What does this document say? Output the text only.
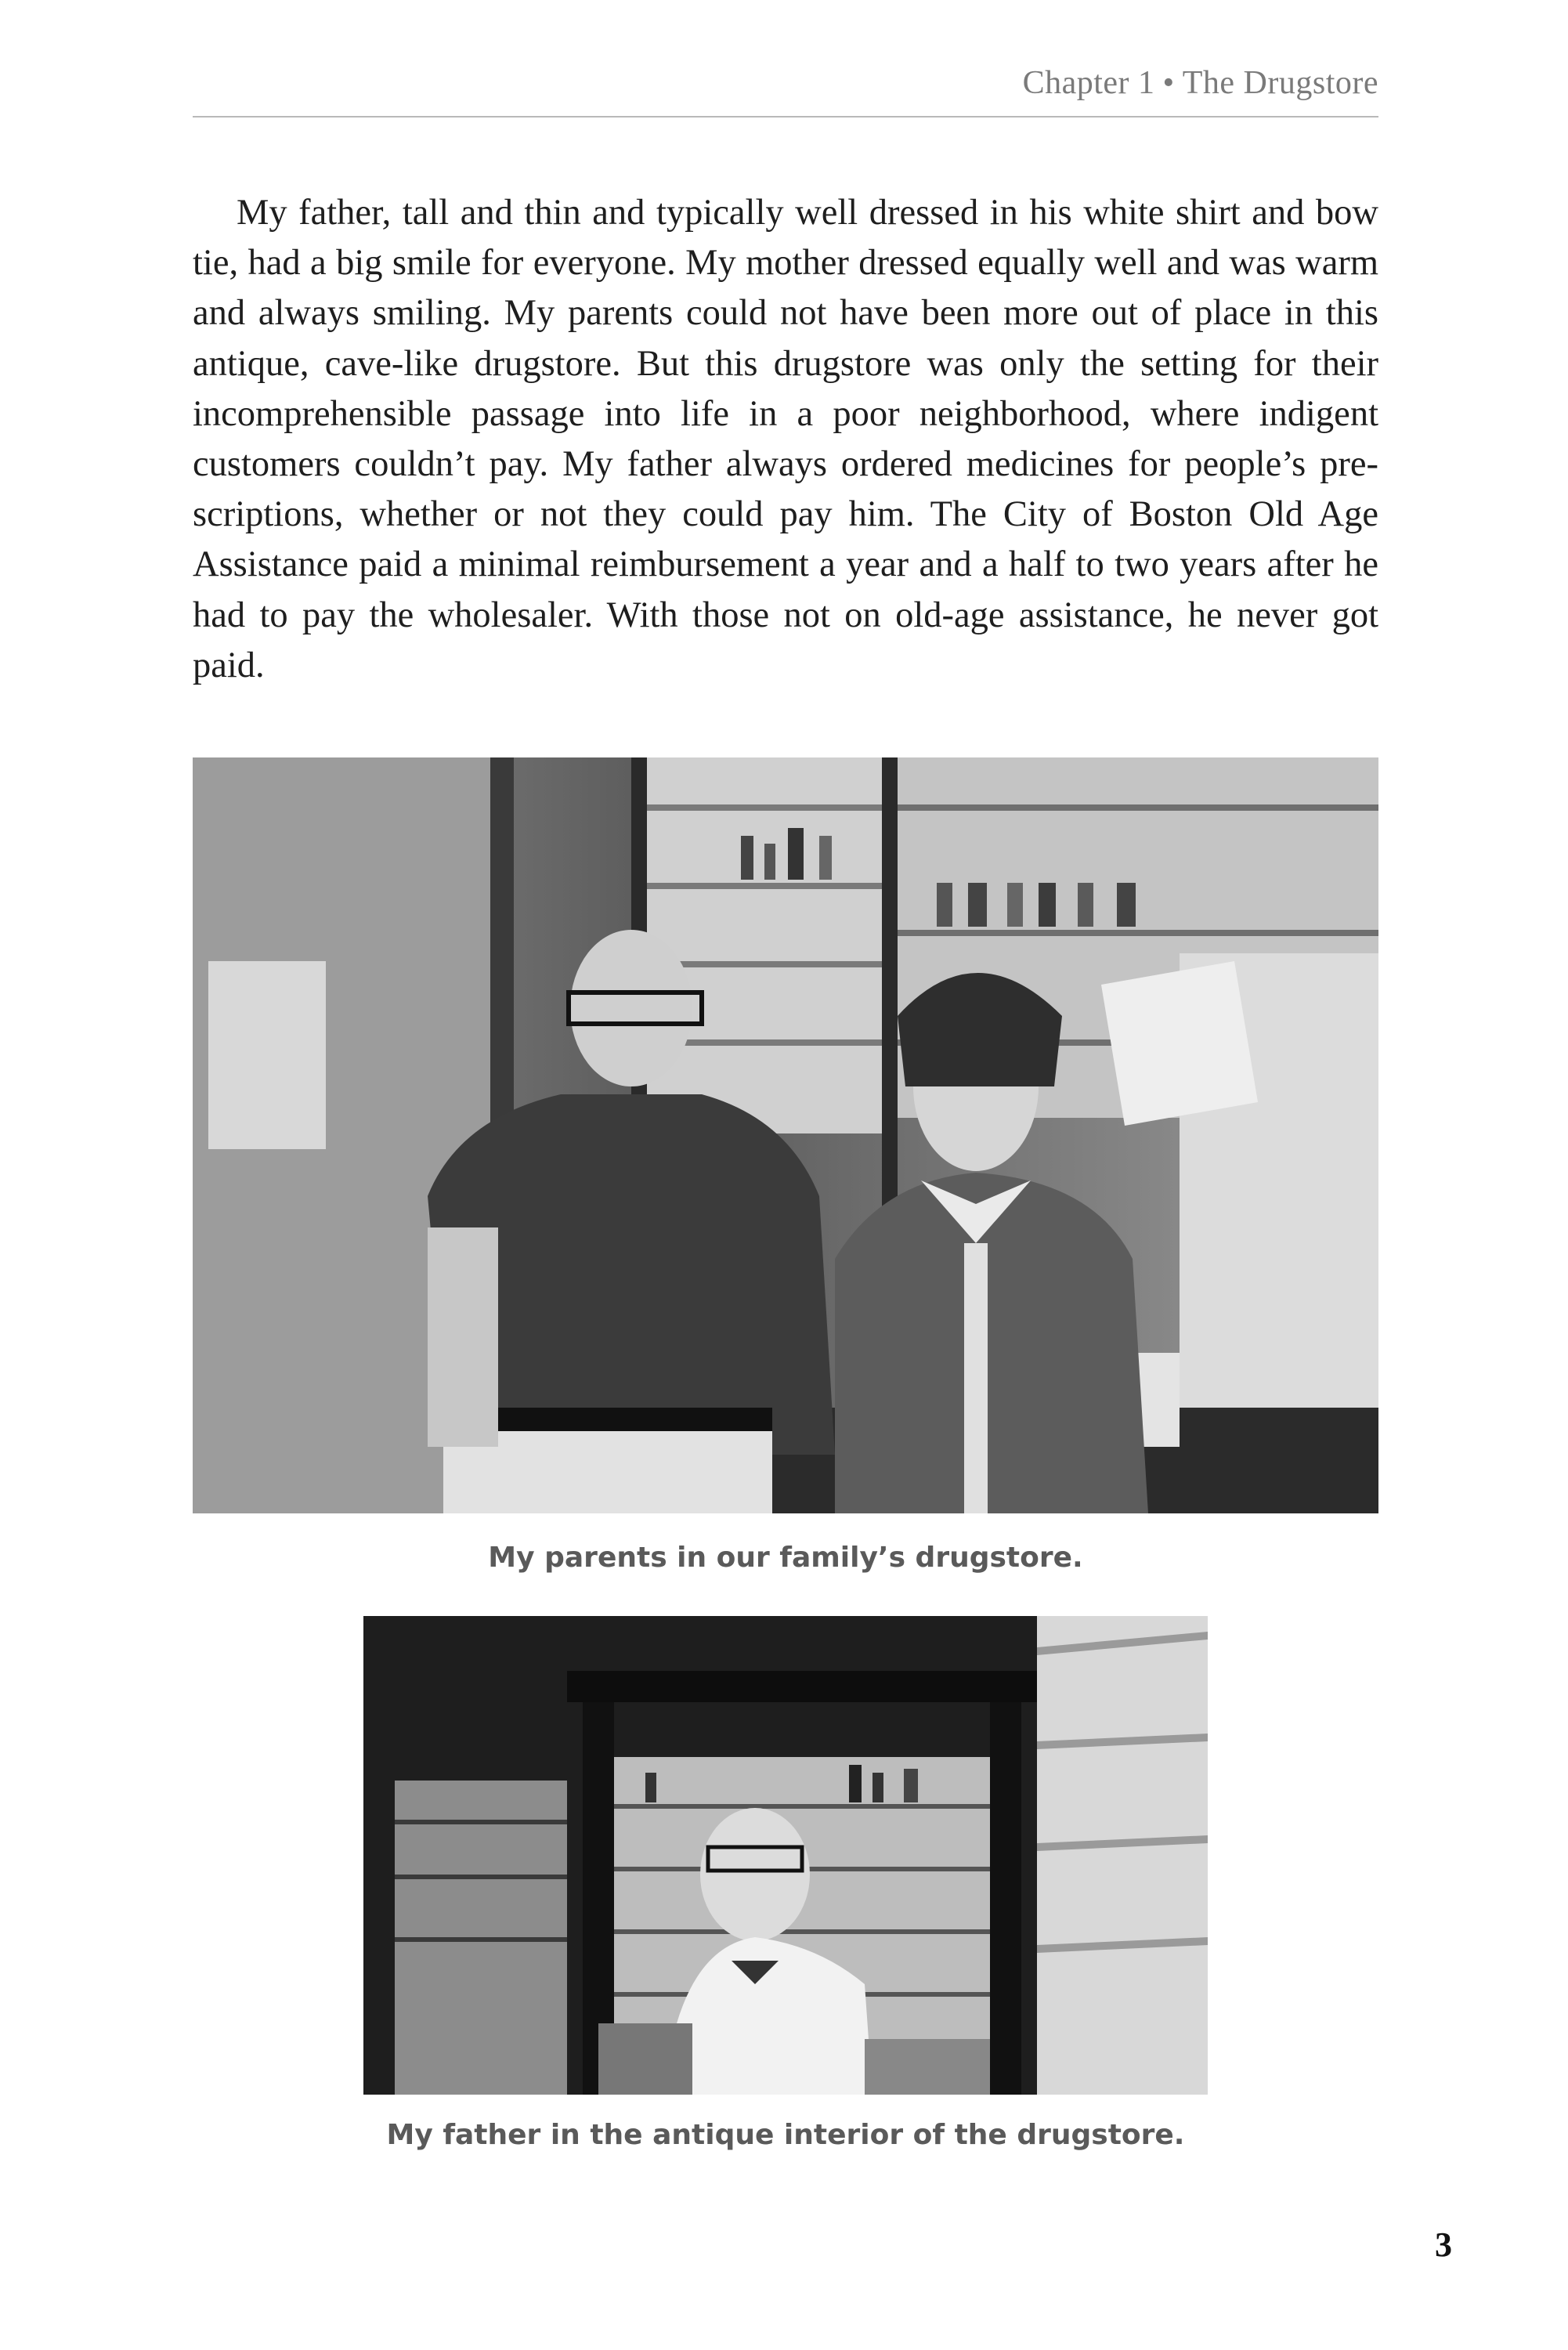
Chapter 1 • The Drugstore

My father, tall and thin and typically well dressed in his white shirt and bow tie, had a big smile for everyone. My mother dressed equally well and was warm and always smiling. My parents could not have been more out of place in this antique, cave-like drugstore. But this drugstore was only the setting for their incomprehensible passage into life in a poor neighborhood, where indigent customers couldn’t pay. My father always ordered medicines for people’s prescriptions, whether or not they could pay him. The City of Boston Old Age Assistance paid a minimal reimbursement a year and a half to two years after he had to pay the wholesaler. With those not on old-age assistance, he never got paid.

My parents in our family’s drugstore.
My father in the antique interior of the drugstore.
3
